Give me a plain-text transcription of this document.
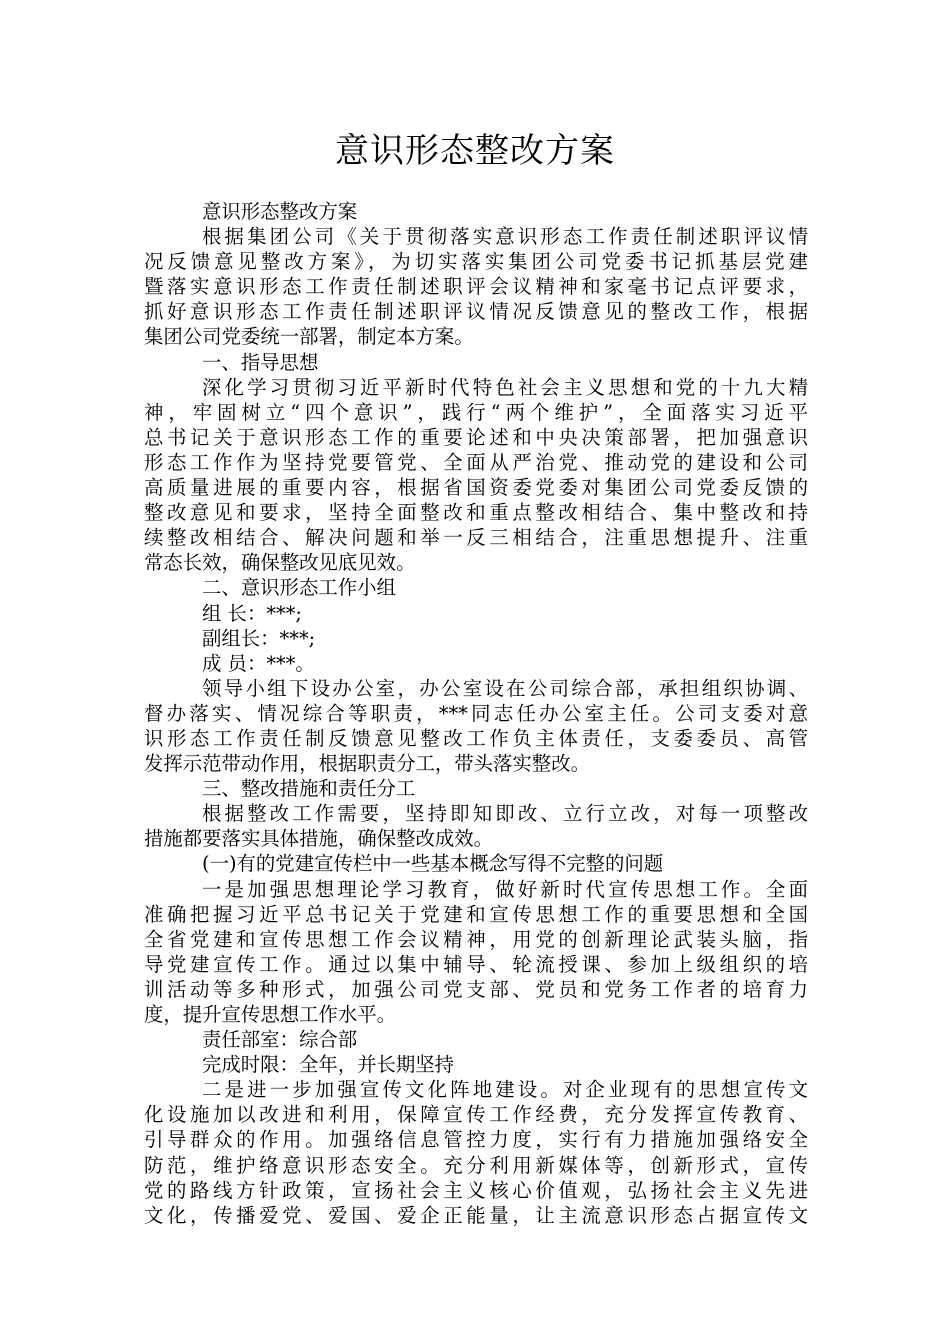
意识形态整改方案
意识形态整改方案
根据集团公司《关于贯彻落实意识形态工作责任制述职评议情
况反馈意见整改方案》，为切实落实集团公司党委书记抓基层党建
暨落实意识形态工作责任制述职评会议精神和家毫书记点评要求，
抓好意识形态工作责任制述职评议情况反馈意见的整改工作，根据
集团公司党委统一部署，制定本方案。
一、指导思想
深化学习贯彻习近平新时代特色社会主义思想和党的十九大精
神，牢固树立“四个意识”，践行“两个维护”，全面落实习近平
总书记关于意识形态工作的重要论述和中央决策部署，把加强意识
形态工作作为坚持党要管党、全面从严治党、推动党的建设和公司
高质量进展的重要内容，根据省国资委党委对集团公司党委反馈的
整改意见和要求，坚持全面整改和重点整改相结合、集中整改和持
续整改相结合、解决问题和举一反三相结合，注重思想提升、注重
常态长效，确保整改见底见效。
二、意识形态工作小组
组 长：***;
副组长：***;
成 员：***。
领导小组下设办公室，办公室设在公司综合部，承担组织协调、
督办落实、情况综合等职责，***同志任办公室主任。公司支委对意
识形态工作责任制反馈意见整改工作负主体责任，支委委员、高管
发挥示范带动作用，根据职责分工，带头落实整改。
三、整改措施和责任分工
根据整改工作需要，坚持即知即改、立行立改，对每一项整改
措施都要落实具体措施，确保整改成效。
(一)有的党建宣传栏中一些基本概念写得不完整的问题
一是加强思想理论学习教育，做好新时代宣传思想工作。全面
准确把握习近平总书记关于党建和宣传思想工作的重要思想和全国
全省党建和宣传思想工作会议精神，用党的创新理论武装头脑，指
导党建宣传工作。通过以集中辅导、轮流授课、参加上级组织的培
训活动等多种形式，加强公司党支部、党员和党务工作者的培育力
度，提升宣传思想工作水平。
责任部室：综合部
完成时限：全年，并长期坚持
二是进一步加强宣传文化阵地建设。对企业现有的思想宣传文
化设施加以改进和利用，保障宣传工作经费，充分发挥宣传教育、
引导群众的作用。加强络信息管控力度，实行有力措施加强络安全
防范，维护络意识形态安全。充分利用新媒体等，创新形式，宣传
党的路线方针政策，宣扬社会主义核心价值观，弘扬社会主义先进
文化，传播爱党、爱国、爱企正能量，让主流意识形态占据宣传文
